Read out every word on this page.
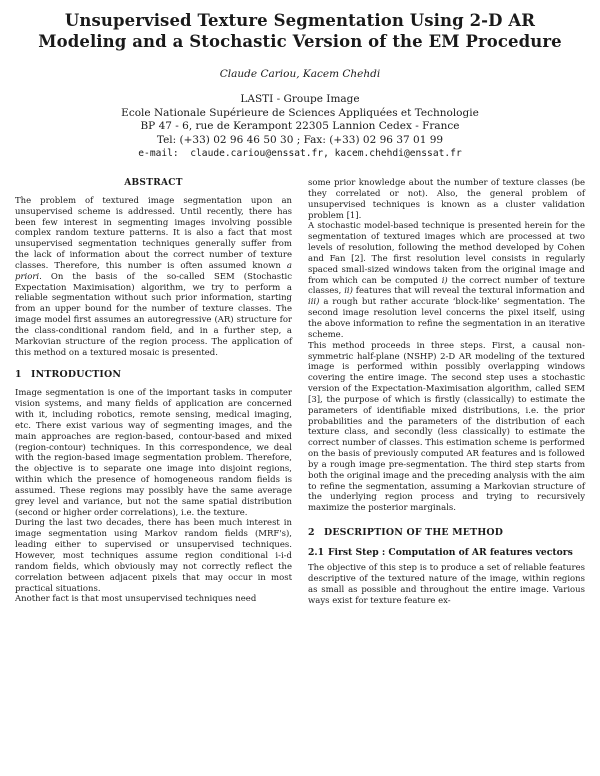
Unsupervised Texture Segmentation Using 2-D AR
Modeling and a Stochastic Version of the EM Procedure
Claude Cariou, Kacem Chehdi
LASTI - Groupe Image
Ecole Nationale Supérieure de Sciences Appliquées et Technologie
BP 47 - 6, rue de Kerampont 22305 Lannion Cedex - France
Tel: (+33) 02 96 46 50 30 ; Fax: (+33) 02 96 37 01 99
e-mail:  claude.cariou@enssat.fr, kacem.chehdi@enssat.fr
ABSTRACT

The problem of textured image segmentation upon an unsupervised scheme is addressed. Until recently, there has been few interest in segmenting images involving possible complex random texture patterns. It is also a fact that most unsupervised segmentation techniques generally suffer from the lack of information about the correct number of texture classes. Therefore, this number is often assumed known a priori. On the basis of the so-called SEM (Stochastic Expectation Maximisation) algorithm, we try to perform a reliable segmentation without such prior information, starting from an upper bound for the number of texture classes. The image model first assumes an autoregressive (AR) structure for the class-conditional random field, and in a further step, a Markovian structure of the region process. The application of this method on a textured mosaic is presented.

1 INTRODUCTION

Image segmentation is one of the important tasks in computer vision systems, and many fields of application are concerned with it, including robotics, remote sensing, medical imaging, etc. There exist various way of segmenting images, and the main approaches are region-based, contour-based and mixed (region-contour) techniques. In this correspondence, we deal with the region-based image segmentation problem. Therefore, the objective is to separate one image into disjoint regions, within which the presence of homogeneous random fields is assumed. These regions may possibly have the same average grey level and variance, but not the same spatial distribution (second or higher order correlations), i.e. the texture.

During the last two decades, there has been much interest in image segmentation using Markov random fields (MRF's), leading either to supervised or unsupervised techniques. However, most techniques assume region conditional i-i-d random fields, which obviously may not correctly reflect the correlation between adjacent pixels that may occur in most practical situations.

Another fact is that most unsupervised techniques need

some prior knowledge about the number of texture classes (be they correlated or not). Also, the general problem of unsupervised techniques is known as a cluster validation problem [1].

A stochastic model-based technique is presented herein for the segmentation of textured images which are processed at two levels of resolution, following the method developed by Cohen and Fan [2]. The first resolution level consists in regularly spaced small-sized windows taken from the original image and from which can be computed i) the correct number of texture classes, ii) features that will reveal the textural information and iii) a rough but rather accurate ‘block-like’ segmentation. The second image resolution level concerns the pixel itself, using the above information to refine the segmentation in an iterative scheme.

This method proceeds in three steps. First, a causal non-symmetric half-plane (NSHP) 2-D AR modeling of the textured image is performed within possibly overlapping windows covering the entire image. The second step uses a stochastic version of the Expectation-Maximisation algorithm, called SEM [3], the purpose of which is firstly (classically) to estimate the parameters of identifiable mixed distributions, i.e. the prior probabilities and the parameters of the distribution of each texture class, and secondly (less classically) to estimate the correct number of classes. This estimation scheme is performed on the basis of previously computed AR features and is followed by a rough image pre-segmentation. The third step starts from both the original image and the preceding analysis with the aim to refine the segmentation, assuming a Markovian structure of the underlying region process and trying to recursively maximize the posterior marginals.

2 DESCRIPTION OF THE METHOD
2.1 First Step : Computation of AR features vectors

The objective of this step is to produce a set of reliable features descriptive of the textured nature of the image, within regions as small as possible and throughout the entire image. Various ways exist for texture feature ex-
